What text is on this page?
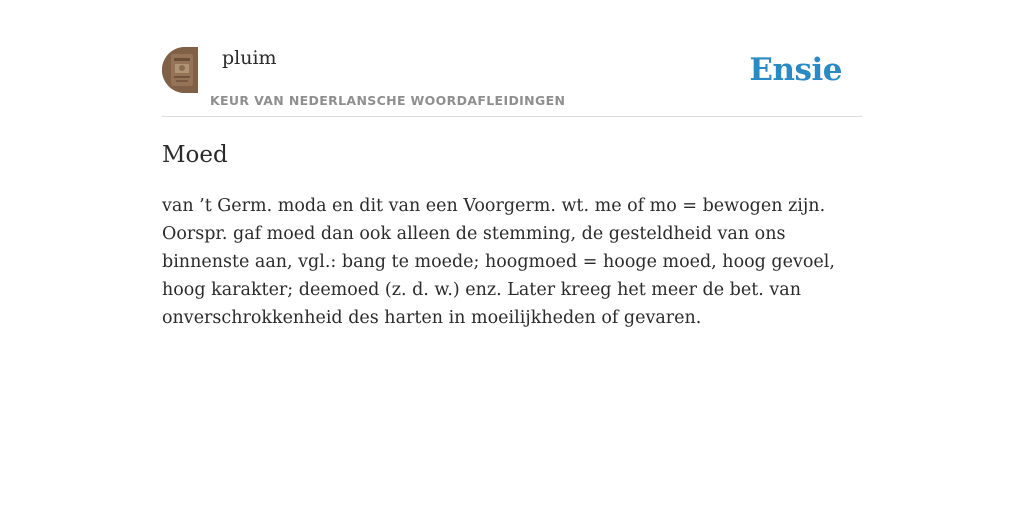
pluim
KEUR VAN NEDERLANSCHE WOORDAFLEIDINGEN
Ensie
Moed

van ’t Germ. moda en dit van een Voorgerm. wt. me of mo = bewogen zijn. Oorspr. gaf moed dan ook alleen de stemming, de gesteldheid van ons binnenste aan, vgl.: bang te moede; hoogmoed = hooge moed, hoog gevoel, hoog karakter; deemoed (z. d. w.) enz. Later kreeg het meer de bet. van onverschrokkenheid des harten in moeilijkheden of gevaren.
